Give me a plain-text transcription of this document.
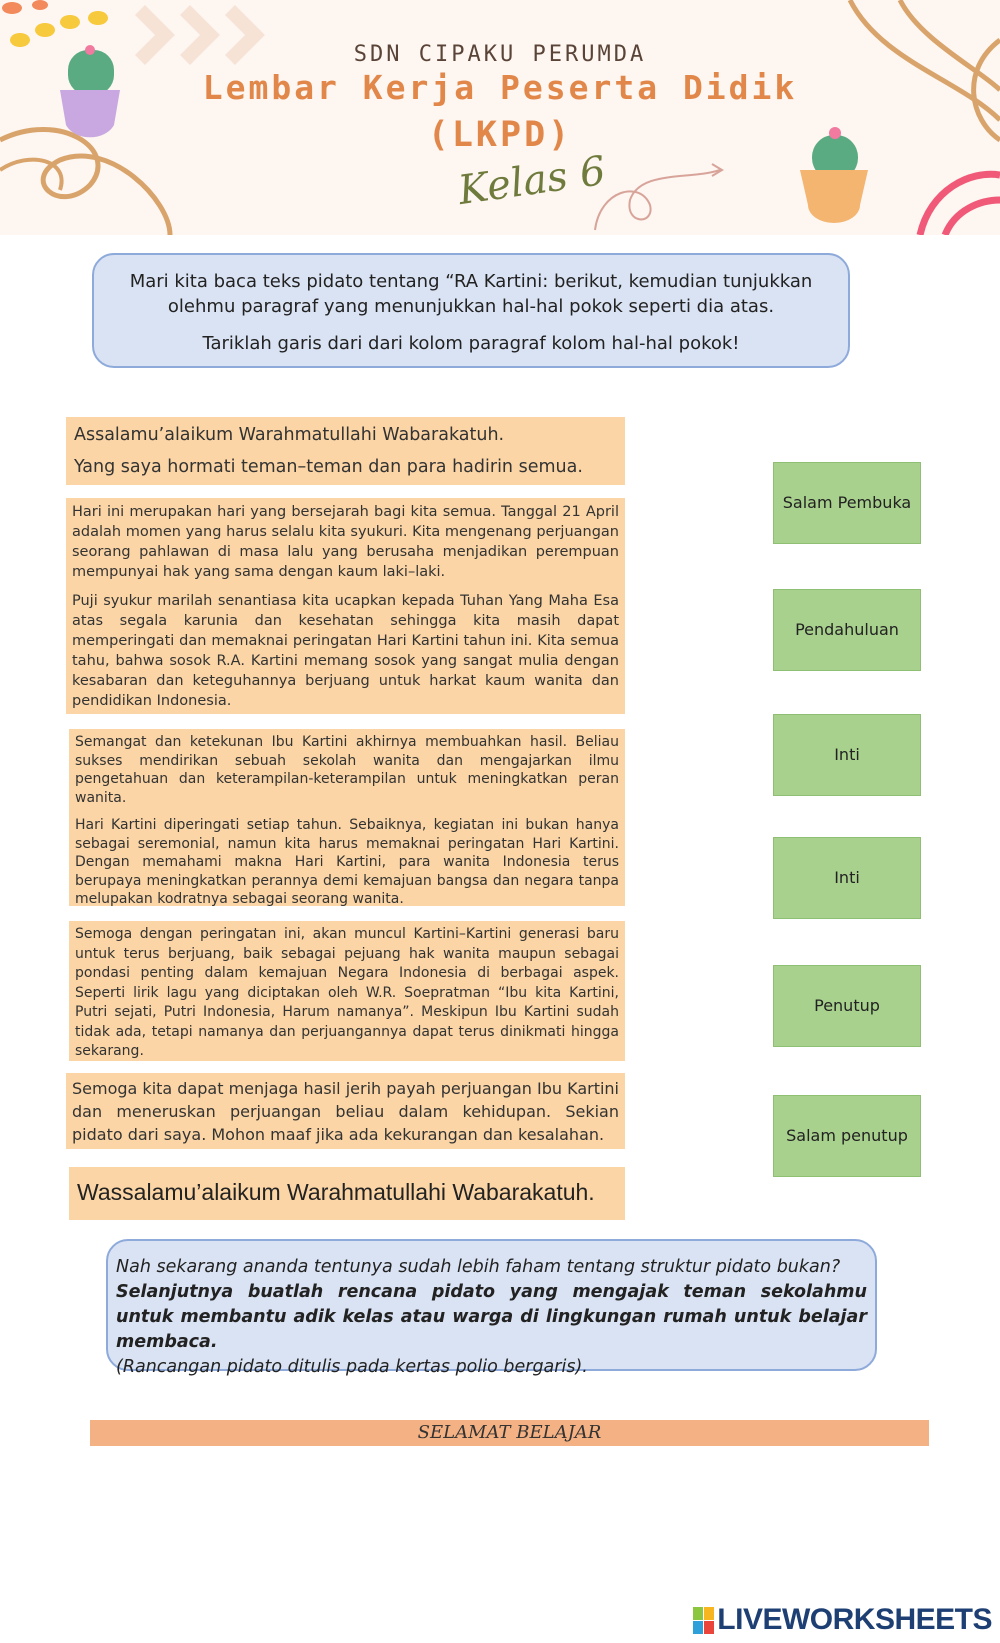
SDN CIPAKU PERUMDA
Lembar Kerja Peserta Didik
(LKPD)
Kelas 6

Mari kita baca teks pidato tentang “RA Kartini: berikut, kemudian tunjukkan olehmu paragraf yang menunjukkan hal-hal pokok seperti dia atas.

Tariklah garis dari dari kolom paragraf kolom hal-hal pokok!

Assalamu’alaikum Warahmatullahi Wabarakatuh.
Yang saya hormati teman–teman dan para hadirin semua.

Hari ini merupakan hari yang bersejarah bagi kita semua. Tanggal 21 April adalah momen yang harus selalu kita syukuri. Kita mengenang perjuangan seorang pahlawan di masa lalu yang berusaha menjadikan perempuan mempunyai hak yang sama dengan kaum laki–laki.

Puji syukur marilah senantiasa kita ucapkan kepada Tuhan Yang Maha Esa atas segala karunia dan kesehatan sehingga kita masih dapat memperingati dan memaknai peringatan Hari Kartini tahun ini. Kita semua tahu, bahwa sosok R.A. Kartini memang sosok yang sangat mulia dengan kesabaran dan keteguhannya berjuang untuk harkat kaum wanita dan pendidikan Indonesia.

Semangat dan ketekunan Ibu Kartini akhirnya membuahkan hasil. Beliau sukses mendirikan sebuah sekolah wanita dan mengajarkan ilmu pengetahuan dan keterampilan-keterampilan untuk meningkatkan peran wanita.

Hari Kartini diperingati setiap tahun. Sebaiknya, kegiatan ini bukan hanya sebagai seremonial, namun kita harus memaknai peringatan Hari Kartini. Dengan memahami makna Hari Kartini, para wanita Indonesia terus berupaya meningkatkan perannya demi kemajuan bangsa dan negara tanpa melupakan kodratnya sebagai seorang wanita.

Semoga dengan peringatan ini, akan muncul Kartini–Kartini generasi baru untuk terus berjuang, baik sebagai pejuang hak wanita maupun sebagai pondasi penting dalam kemajuan Negara Indonesia di berbagai aspek. Seperti lirik lagu yang diciptakan oleh W.R. Soepratman “Ibu kita Kartini, Putri sejati, Putri Indonesia, Harum namanya”. Meskipun Ibu Kartini sudah tidak ada, tetapi namanya dan perjuangannya dapat terus dinikmati hingga sekarang.

Semoga kita dapat menjaga hasil jerih payah perjuangan Ibu Kartini dan meneruskan perjuangan beliau dalam kehidupan. Sekian pidato dari saya. Mohon maaf jika ada kekurangan dan kesalahan.

Wassalamu’alaikum Warahmatullahi Wabarakatuh.
Salam Pembuka
Pendahuluan
Inti
Inti
Penutup
Salam penutup

Nah sekarang ananda tentunya sudah lebih faham tentang struktur pidato bukan?

Selanjutnya buatlah rencana pidato yang mengajak teman sekolahmu untuk membantu adik kelas atau warga di lingkungan rumah untuk belajar membaca.

(Rancangan pidato ditulis pada kertas polio bergaris).

SELAMAT BELAJAR
LIVEWORKSHEETS
